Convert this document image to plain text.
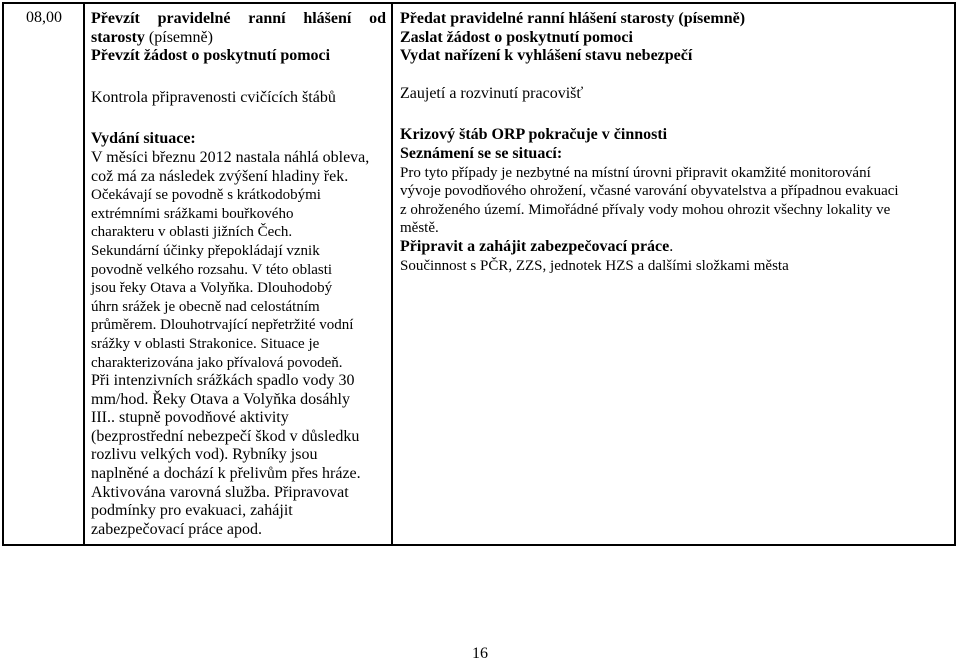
08,00 Převzít pravidelné ranní hlášení od
starosty (písemně)
Převzít žádost o poskytnutí pomoci
Kontrola připravenosti cvičících štábů
Vydání situace:
V měsíci březnu 2012 nastala náhlá obleva,
což má za následek zvýšení hladiny řek.
Očekávají se povodně s krátkodobými
extrémními srážkami bouřkového
charakteru v oblasti jižních Čech.
Sekundární účinky přepokládají vznik
povodně velkého rozsahu. V této oblasti
jsou řeky Otava a Volyňka. Dlouhodobý
úhrn srážek je obecně nad celostátním
průměrem. Dlouhotrvající nepřetržité vodní
srážky v oblasti Strakonice. Situace je
charakterizována jako přívalová povodeň.
Při intenzivních srážkách spadlo vody 30
mm/hod. Řeky Otava a Volyňka dosáhly
III.. stupně povodňové aktivity
(bezprostřední nebezpečí škod v důsledku
rozlivu velkých vod). Rybníky jsou
naplněné a dochází k přelivům přes hráze.
Aktivována varovná služba. Připravovat
podmínky pro evakuaci, zahájit
zabezpečovací práce apod.
Předat pravidelné ranní hlášení starosty (písemně)
Zaslat žádost o poskytnutí pomoci
Vydat nařízení k vyhlášení stavu nebezpečí
Zaujetí a rozvinutí pracovišť
Krizový štáb ORP pokračuje v činnosti
Seznámení se se situací:
Pro tyto případy je nezbytné na místní úrovni připravit okamžité monitorování
vývoje povodňového ohrožení, včasné varování obyvatelstva a případnou evakuaci
z ohroženého území. Mimořádné přívaly vody mohou ohrozit všechny lokality ve
městě.
Připravit a zahájit zabezpečovací práce.
Součinnost s PČR, ZZS, jednotek HZS a dalšími složkami města
16
